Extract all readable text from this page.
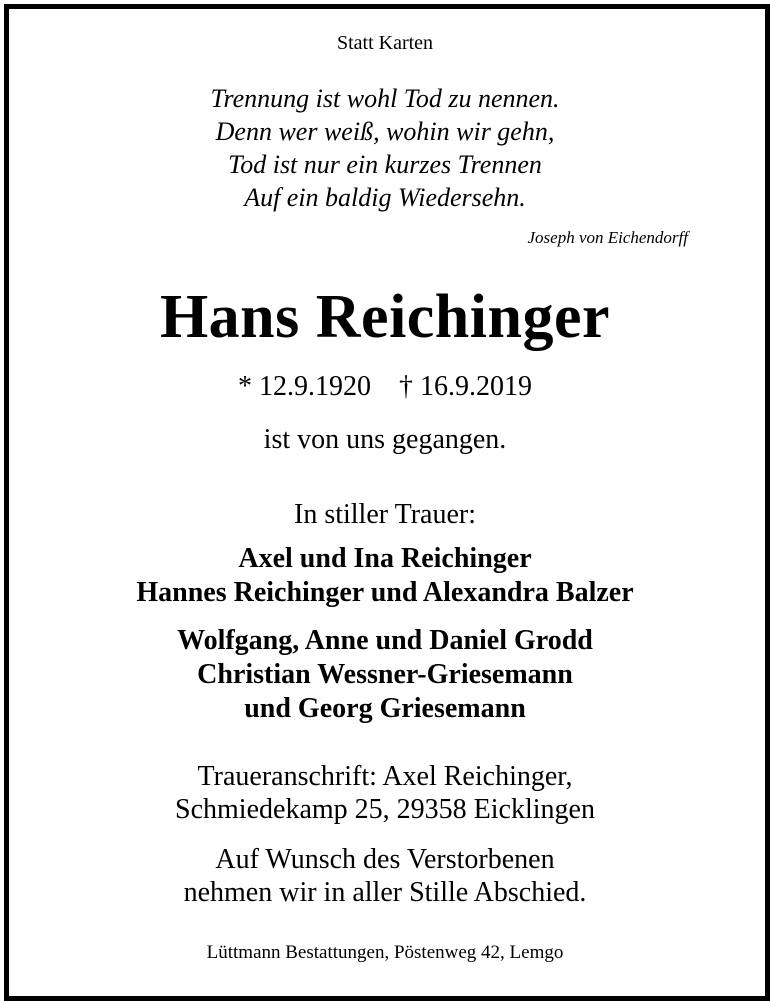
Statt Karten
Trennung ist wohl Tod zu nennen.
Denn wer weiß, wohin wir gehn,
Tod ist nur ein kurzes Trennen
Auf ein baldig Wiedersehn.
Joseph von Eichendorff
Hans Reichinger
* 12.9.1920 † 16.9.2019
ist von uns gegangen.
In stiller Trauer:
Axel und Ina Reichinger
Hannes Reichinger und Alexandra Balzer
Wolfgang, Anne und Daniel Grodd
Christian Wessner-Griesemann
und Georg Griesemann
Traueranschrift: Axel Reichinger,
Schmiedekamp 25, 29358 Eicklingen
Auf Wunsch des Verstorbenen
nehmen wir in aller Stille Abschied.
Lüttmann Bestattungen, Pöstenweg 42, Lemgo
